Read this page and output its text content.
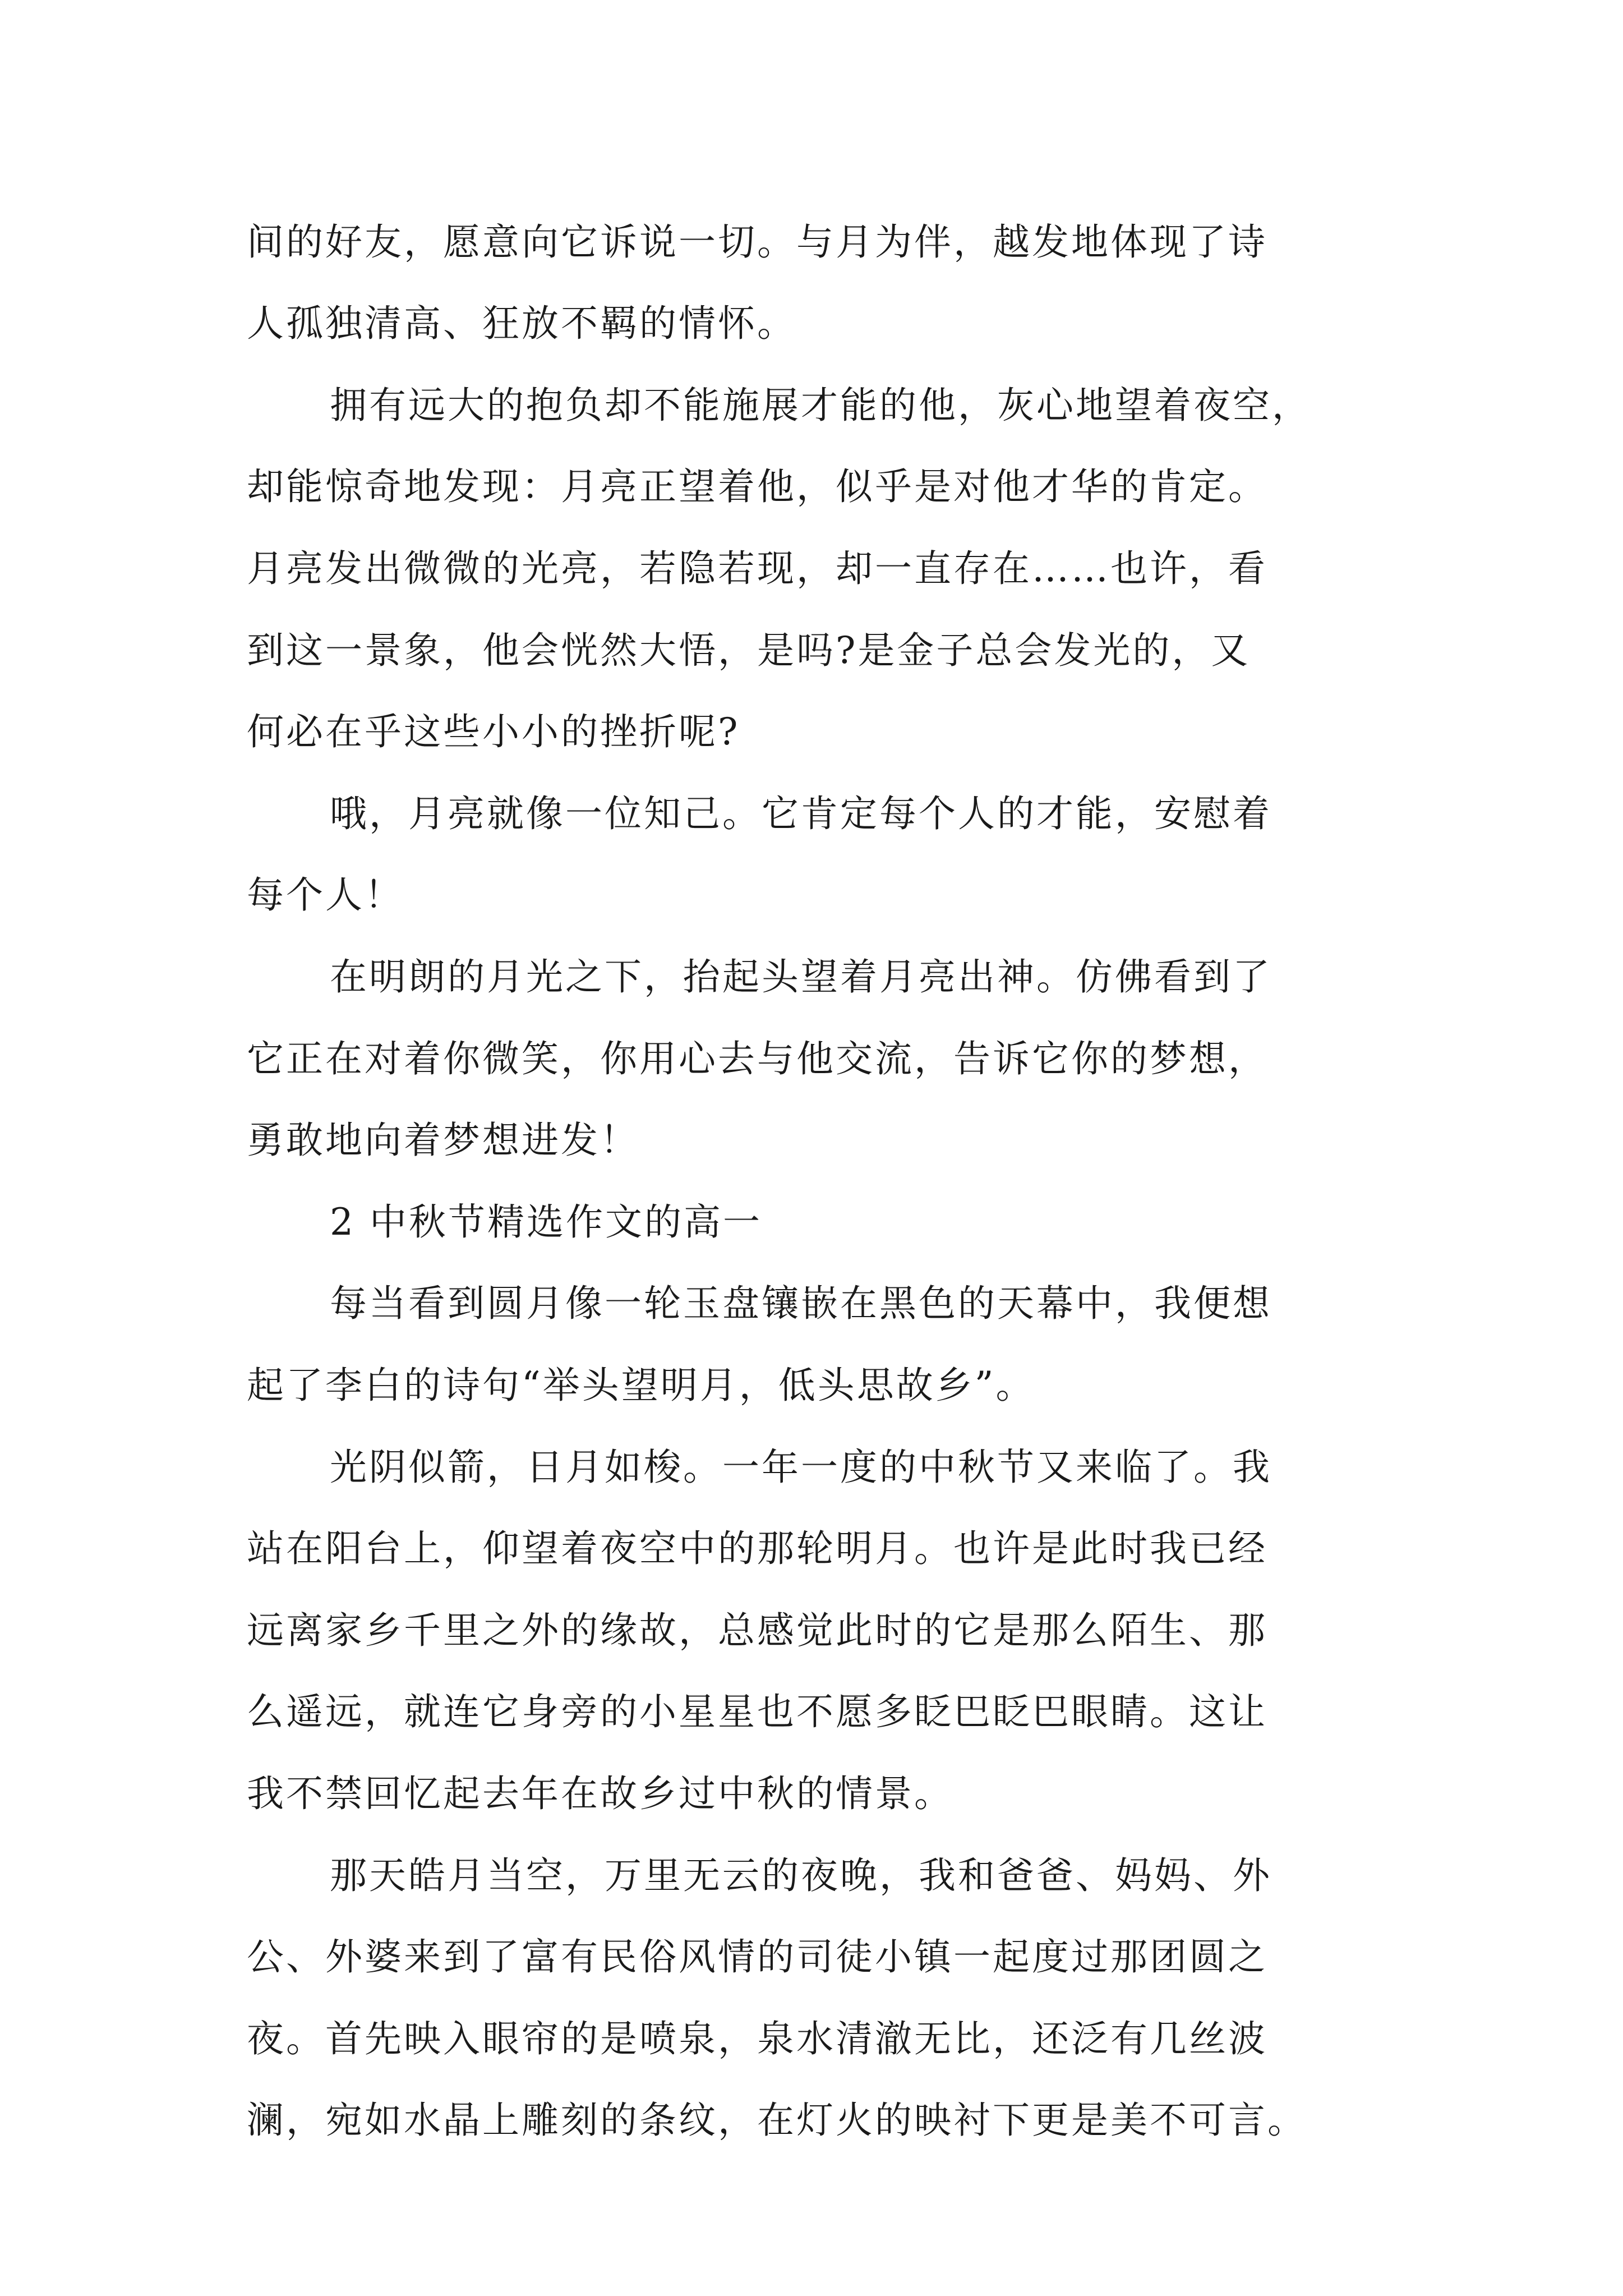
间的好友，愿意向它诉说一切。与月为伴，越发地体现了诗
人孤独清高、狂放不羁的情怀。
拥有远大的抱负却不能施展才能的他，灰心地望着夜空，
却能惊奇地发现：月亮正望着他，似乎是对他才华的肯定。
月亮发出微微的光亮，若隐若现，却一直存在……也许，看
到这一景象，他会恍然大悟，是吗?是金子总会发光的，又
何必在乎这些小小的挫折呢?
哦，月亮就像一位知己。它肯定每个人的才能，安慰着
每个人！
在明朗的月光之下，抬起头望着月亮出神。仿佛看到了
它正在对着你微笑，你用心去与他交流，告诉它你的梦想，
勇敢地向着梦想进发！
2 中秋节精选作文的高一
每当看到圆月像一轮玉盘镶嵌在黑色的天幕中，我便想
起了李白的诗句“举头望明月，低头思故乡”。
光阴似箭，日月如梭。一年一度的中秋节又来临了。我
站在阳台上，仰望着夜空中的那轮明月。也许是此时我已经
远离家乡千里之外的缘故，总感觉此时的它是那么陌生、那
么遥远，就连它身旁的小星星也不愿多眨巴眨巴眼睛。这让
我不禁回忆起去年在故乡过中秋的情景。
那天皓月当空，万里无云的夜晚，我和爸爸、妈妈、外
公、外婆来到了富有民俗风情的司徒小镇一起度过那团圆之
夜。首先映入眼帘的是喷泉，泉水清澈无比，还泛有几丝波
澜，宛如水晶上雕刻的条纹，在灯火的映衬下更是美不可言。
